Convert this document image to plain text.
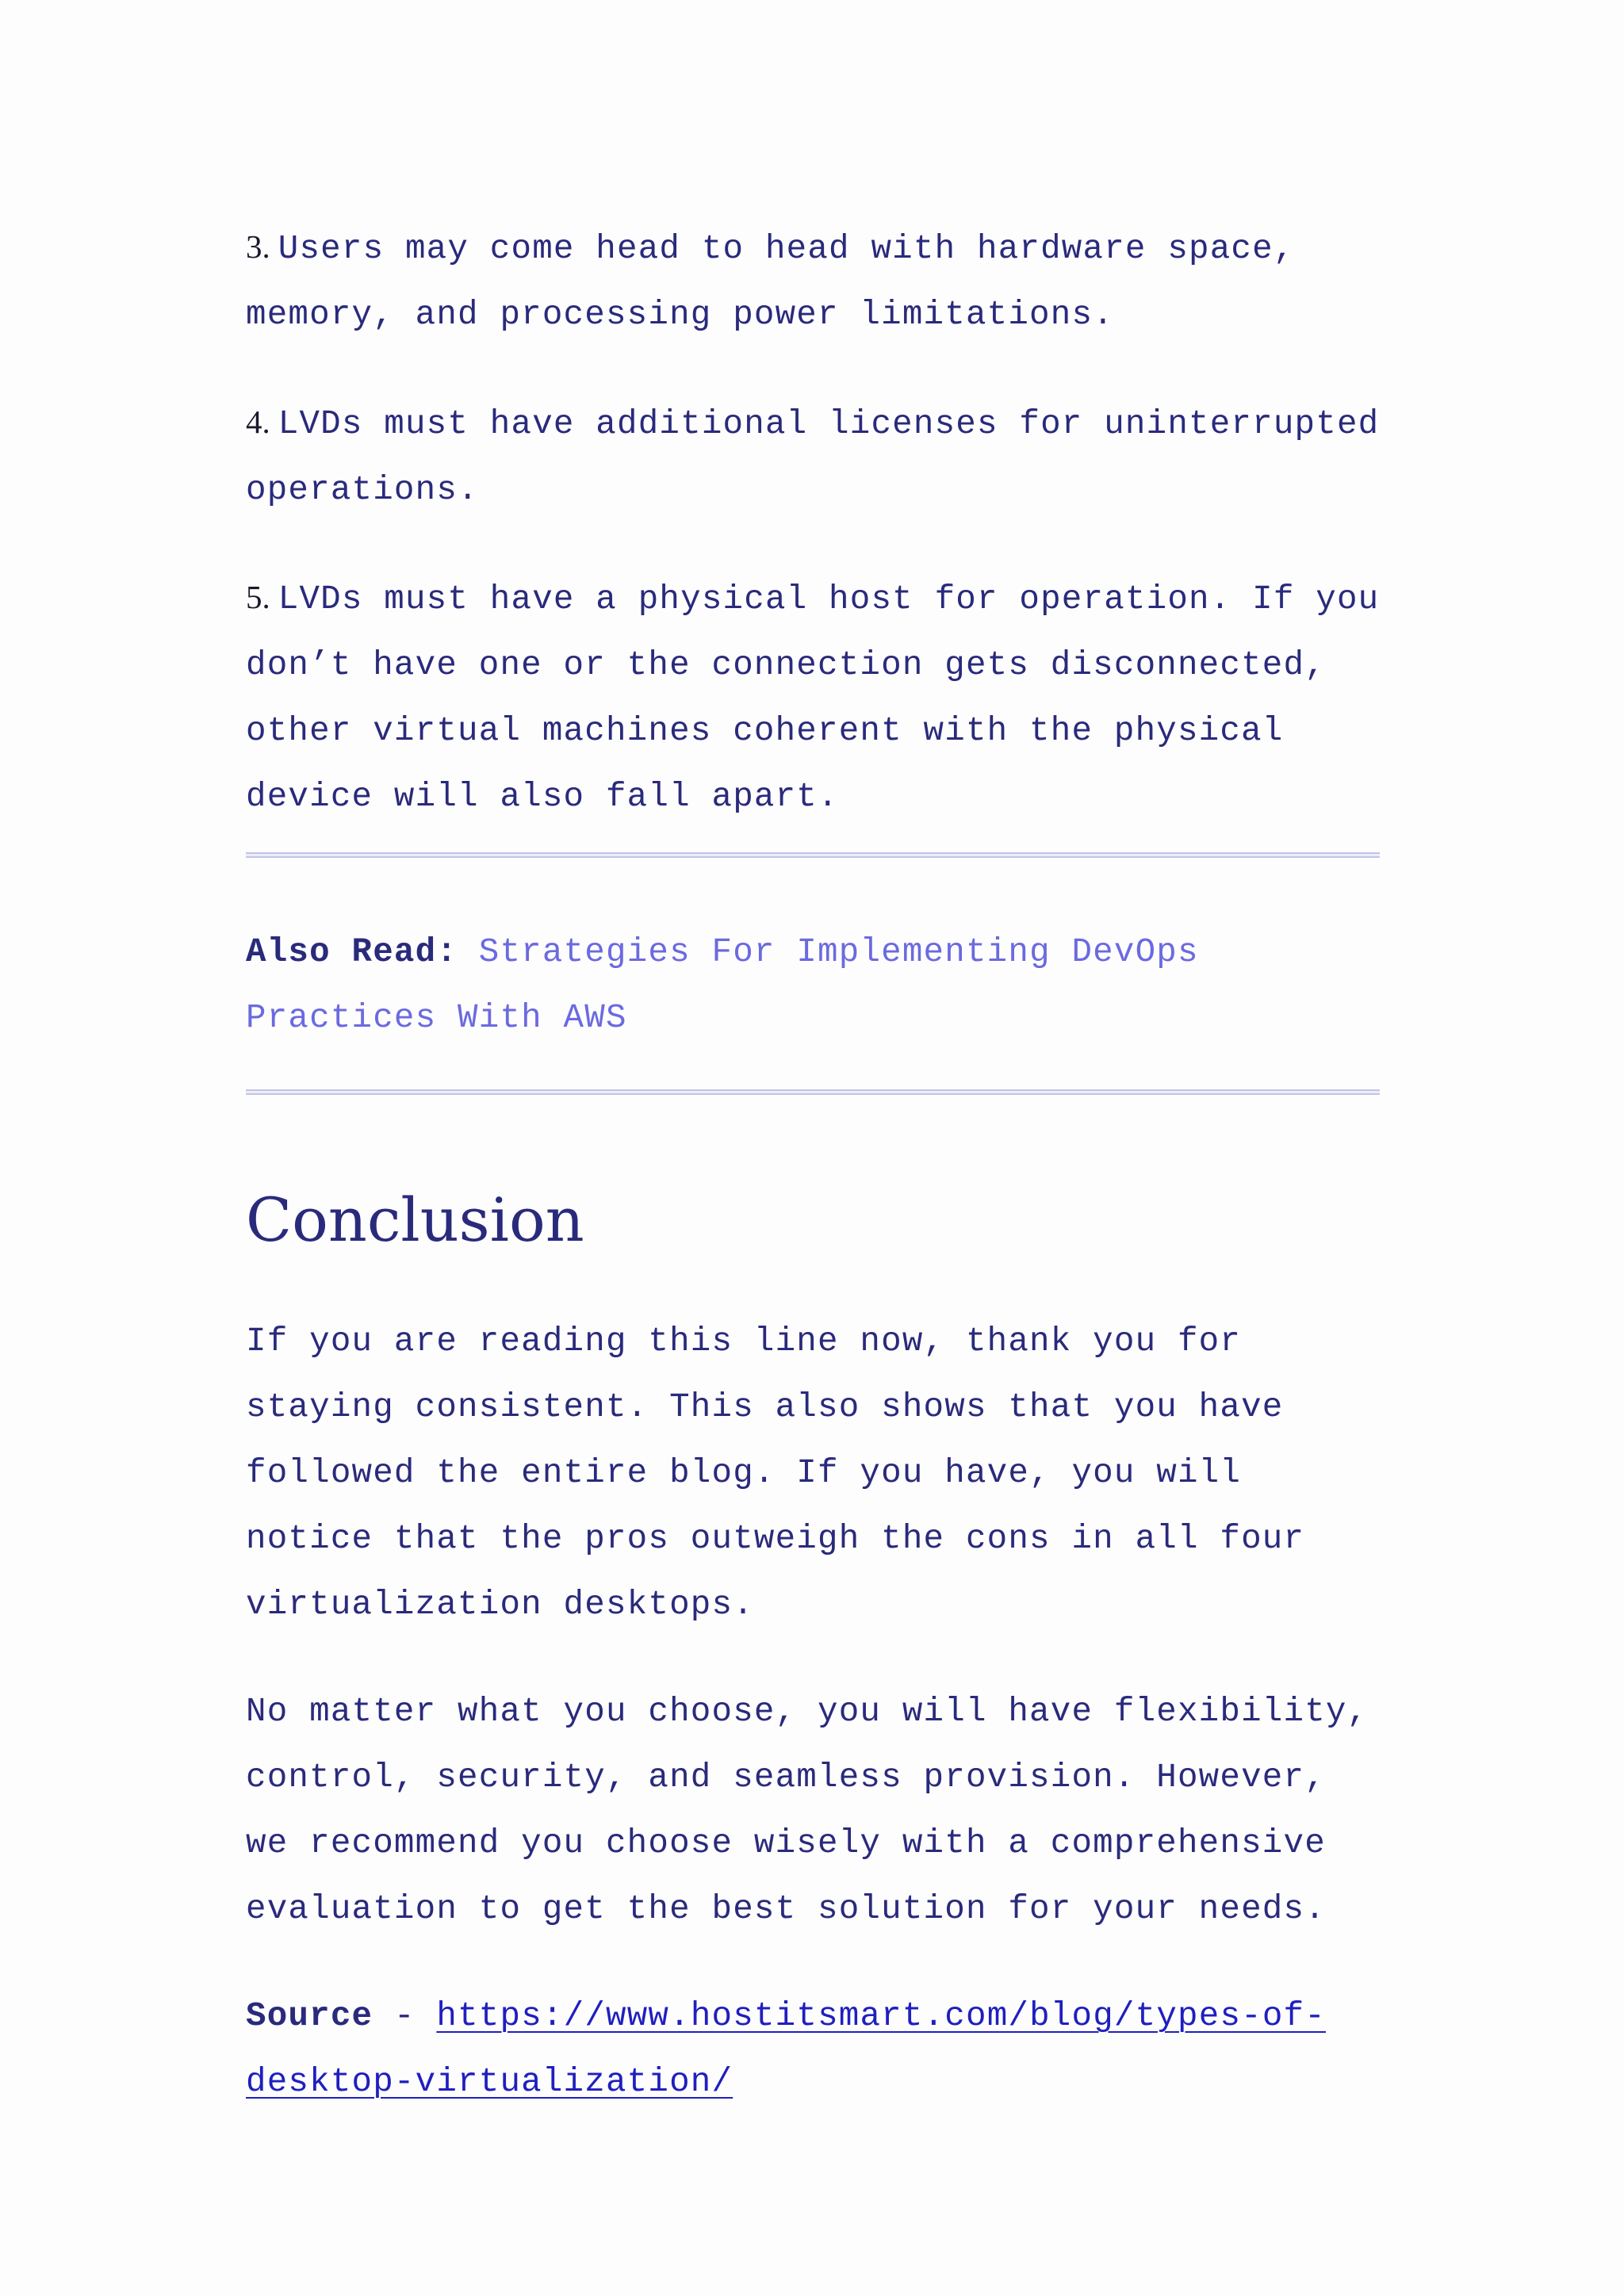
3. Users may come head to head with hardware space, memory, and processing power limitations.

4. LVDs must have additional licenses for uninterrupted operations.

5. LVDs must have a physical host for operation. If you don’t have one or the connection gets disconnected, other virtual machines coherent with the physical device will also fall apart.

Also Read: Strategies For Implementing DevOps Practices With AWS

Conclusion

If you are reading this line now, thank you for staying consistent. This also shows that you have followed the entire blog. If you have, you will notice that the pros outweigh the cons in all four virtualization desktops.

No matter what you choose, you will have flexibility, control, security, and seamless provision. However, we recommend you choose wisely with a comprehensive evaluation to get the best solution for your needs.

Source - https://www.hostitsmart.com/blog/types-of-desktop-virtualization/
